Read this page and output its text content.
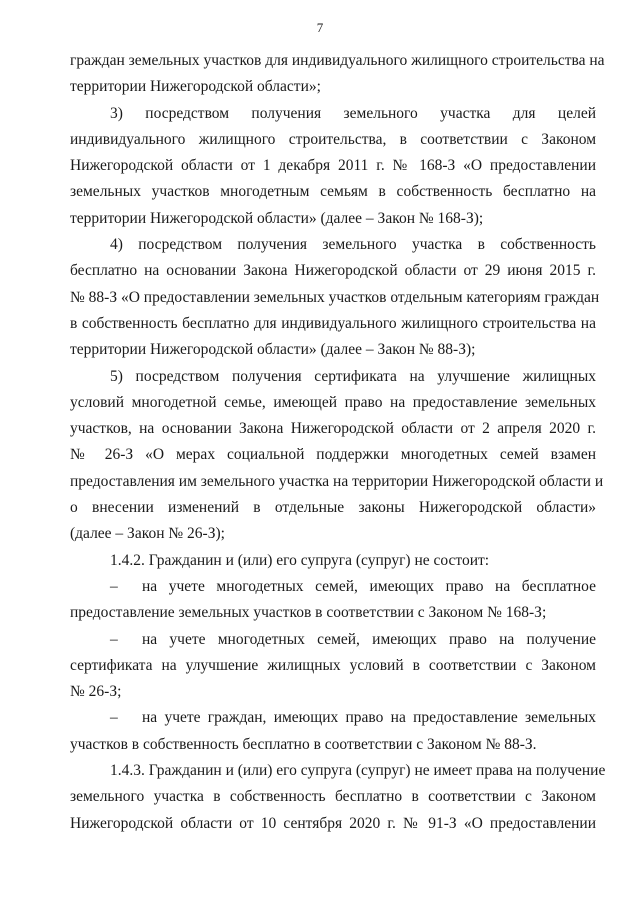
7
граждан земельных участков для индивидуального жилищного строительства на
территории Нижегородской области»;
3) посредством получения земельного участка для целей
индивидуального жилищного строительства, в соответствии с Законом
Нижегородской области от 1 декабря 2011 г. № 168-З «О предоставлении
земельных участков многодетным семьям в собственность бесплатно на
территории Нижегородской области» (далее – Закон № 168-З);
4) посредством получения земельного участка в собственность
бесплатно на основании Закона Нижегородской области от 29 июня 2015 г.
№ 88-З «О предоставлении земельных участков отдельным категориям граждан
в собственность бесплатно для индивидуального жилищного строительства на
территории Нижегородской области» (далее – Закон № 88-З);
5) посредством получения сертификата на улучшение жилищных
условий многодетной семье, имеющей право на предоставление земельных
участков, на основании Закона Нижегородской области от 2 апреля 2020 г.
№ 26-З «О мерах социальной поддержки многодетных семей взамен
предоставления им земельного участка на территории Нижегородской области и
о внесении изменений в отдельные законы Нижегородской области»
(далее – Закон № 26-З);
1.4.2. Гражданин и (или) его супруга (супруг) не состоит:
–	на учете многодетных семей, имеющих право на бесплатное
предоставление земельных участков в соответствии с Законом № 168-З;
–	на учете многодетных семей, имеющих право на получение
сертификата на улучшение жилищных условий в соответствии с Законом
№ 26-З;
–	на учете граждан, имеющих право на предоставление земельных
участков в собственность бесплатно в соответствии с Законом № 88-З.
1.4.3. Гражданин и (или) его супруга (супруг) не имеет права на получение
земельного участка в собственность бесплатно в соответствии с Законом
Нижегородской области от 10 сентября 2020 г. № 91-З «О предоставлении
